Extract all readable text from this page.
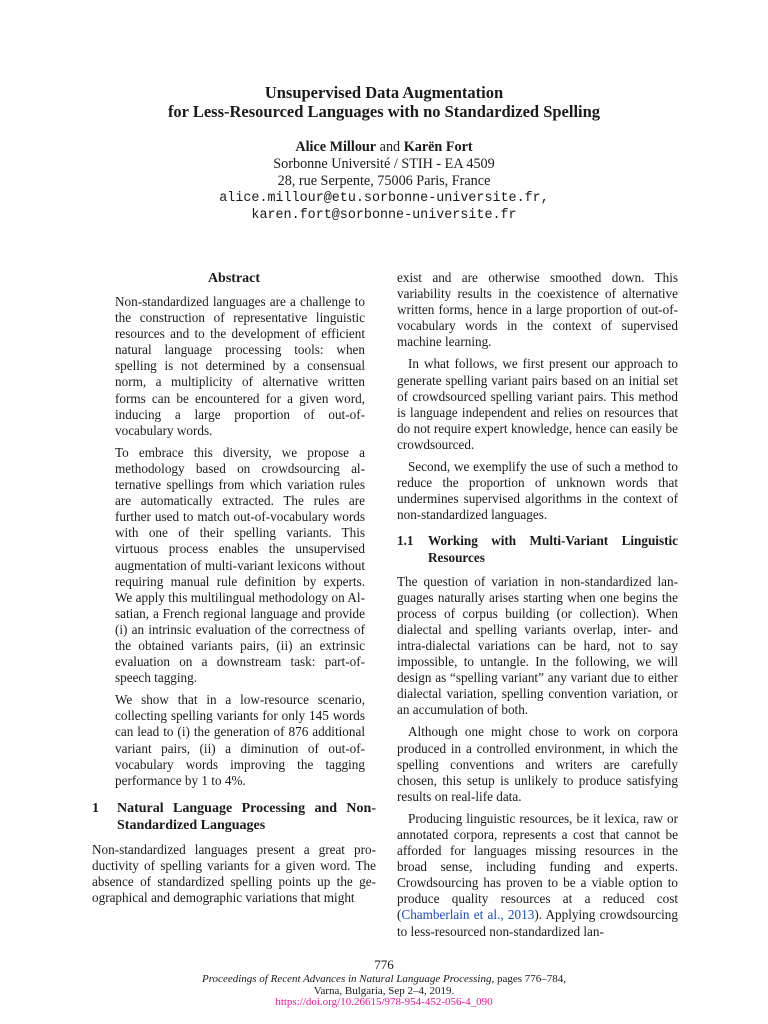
Unsupervised Data Augmentation
for Less-Resourced Languages with no Standardized Spelling
Alice Millour and Karën Fort
Sorbonne Université / STIH - EA 4509
28, rue Serpente, 75006 Paris, France
alice.millour@etu.sorbonne-universite.fr,
karen.fort@sorbonne-universite.fr
Abstract

Non-standardized languages are a challenge to the construction of representative linguistic resources and to the development of efficient natural language processing tools: when spelling is not determined by a consensual norm, a multiplicity of alternative written forms can be encountered for a given word, inducing a large proportion of out-of-vocabulary words.

To embrace this diversity, we propose a methodology based on crowdsourcing alternative spellings from which variation rules are automatically extracted. The rules are further used to match out-of-vocabulary words with one of their spelling variants. This virtuous process enables the unsupervised augmentation of multi-variant lexicons without requiring manual rule definition by experts. We apply this multilingual methodology on Alsatian, a French regional language and provide (i) an intrinsic evaluation of the correctness of the obtained variants pairs, (ii) an extrinsic evaluation on a downstream task: part-of-speech tagging.

We show that in a low-resource scenario, collecting spelling variants for only 145 words can lead to (i) the generation of 876 additional variant pairs, (ii) a diminution of out-of-vocabulary words improving the tagging performance by 1 to 4%.

1	Natural Language Processing and Non-Standardized Languages

Non-standardized languages present a great productivity of spelling variants for a given word. The absence of standardized spelling points up the geographical and demographic variations that might

exist and are otherwise smoothed down. This variability results in the coexistence of alternative written forms, hence in a large proportion of out-of-vocabulary words in the context of supervised machine learning.

In what follows, we first present our approach to generate spelling variant pairs based on an initial set of crowdsourced spelling variant pairs. This method is language independent and relies on resources that do not require expert knowledge, hence can easily be crowdsourced.

Second, we exemplify the use of such a method to reduce the proportion of unknown words that undermines supervised algorithms in the context of non-standardized languages.

1.1	Working with Multi-Variant Linguistic Resources

The question of variation in non-standardized languages naturally arises starting when one begins the process of corpus building (or collection). When dialectal and spelling variants overlap, inter- and intra-dialectal variations can be hard, not to say impossible, to untangle. In the following, we will design as “spelling variant” any variant due to either dialectal variation, spelling convention variation, or an accumulation of both.

Although one might chose to work on corpora produced in a controlled environment, in which the spelling conventions and writers are carefully chosen, this setup is unlikely to produce satisfying results on real-life data.

Producing linguistic resources, be it lexica, raw or annotated corpora, represents a cost that cannot be afforded for languages missing resources in the broad sense, including funding and experts. Crowdsourcing has proven to be a viable option to produce quality resources at a reduced cost (Chamberlain et al., 2013). Applying crowdsourcing to less-resourced non-standardized lan-

776
Proceedings of Recent Advances in Natural Language Processing, pages 776–784,
Varna, Bulgaria, Sep 2–4, 2019.
https://doi.org/10.26615/978-954-452-056-4_090
